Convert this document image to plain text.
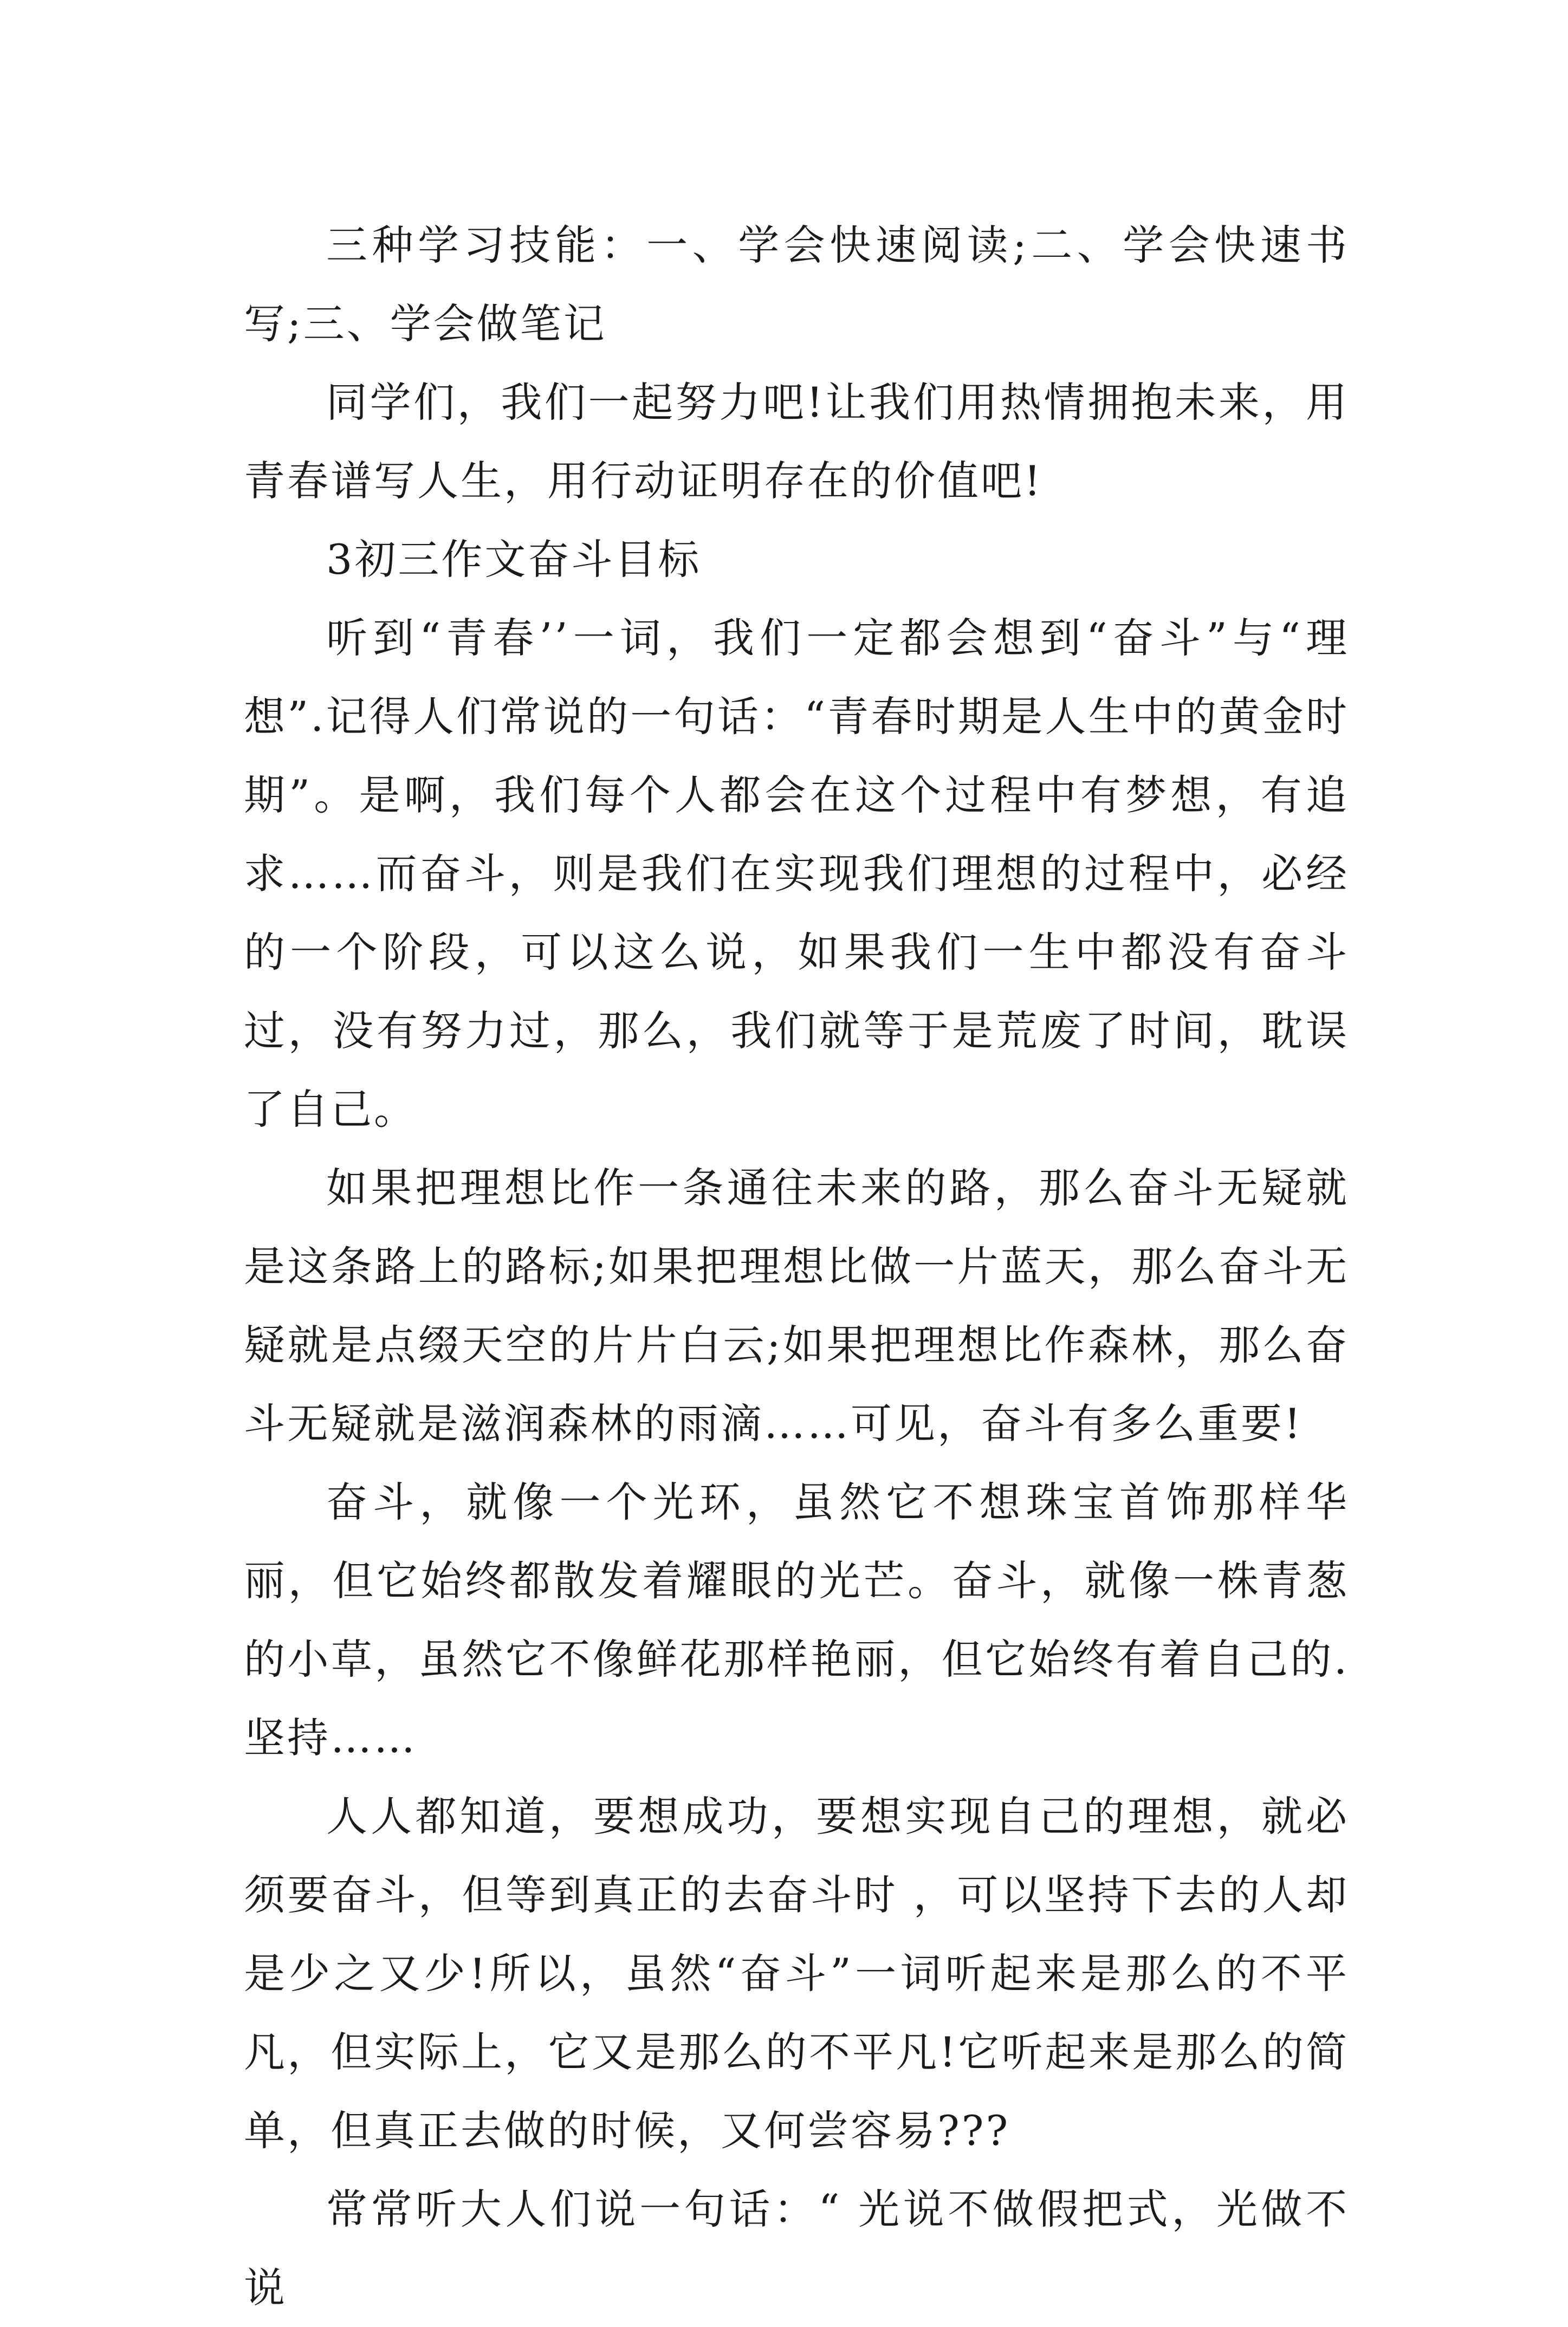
三种学习技能：一、学会快速阅读;二、学会快速书写;三、学会做笔记

同学们，我们一起努力吧!让我们用热情拥抱未来，用青春谱写人生，用行动证明存在的价值吧!

3初三作文奋斗目标

听到“青春’’一词，我们一定都会想到“奋斗”与“理想”.记得人们常说的一句话：“青春时期是人生中的黄金时期”。是啊，我们每个人都会在这个过程中有梦想，有追求……而奋斗，则是我们在实现我们理想的过程中，必经的一个阶段，可以这么说，如果我们一生中都没有奋斗过，没有努力过，那么，我们就等于是荒废了时间，耽误了自己。

如果把理想比作一条通往未来的路，那么奋斗无疑就是这条路上的路标;如果把理想比做一片蓝天，那么奋斗无疑就是点缀天空的片片白云;如果把理想比作森林，那么奋斗无疑就是滋润森林的雨滴……可见，奋斗有多么重要!

奋斗，就像一个光环，虽然它不想珠宝首饰那样华丽，但它始终都散发着耀眼的光芒。奋斗，就像一株青葱的小草，虽然它不像鲜花那样艳丽，但它始终有着自己的.坚持……

人人都知道，要想成功，要想实现自己的理想，就必须要奋斗，但等到真正的去奋斗时 ，可以坚持下去的人却是少之又少!所以，虽然“奋斗”一词听起来是那么的不平凡，但实际上，它又是那么的不平凡!它听起来是那么的简单，但真正去做的时候，又何尝容易???

常常听大人们说一句话：“ 光说不做假把式，光做不说
